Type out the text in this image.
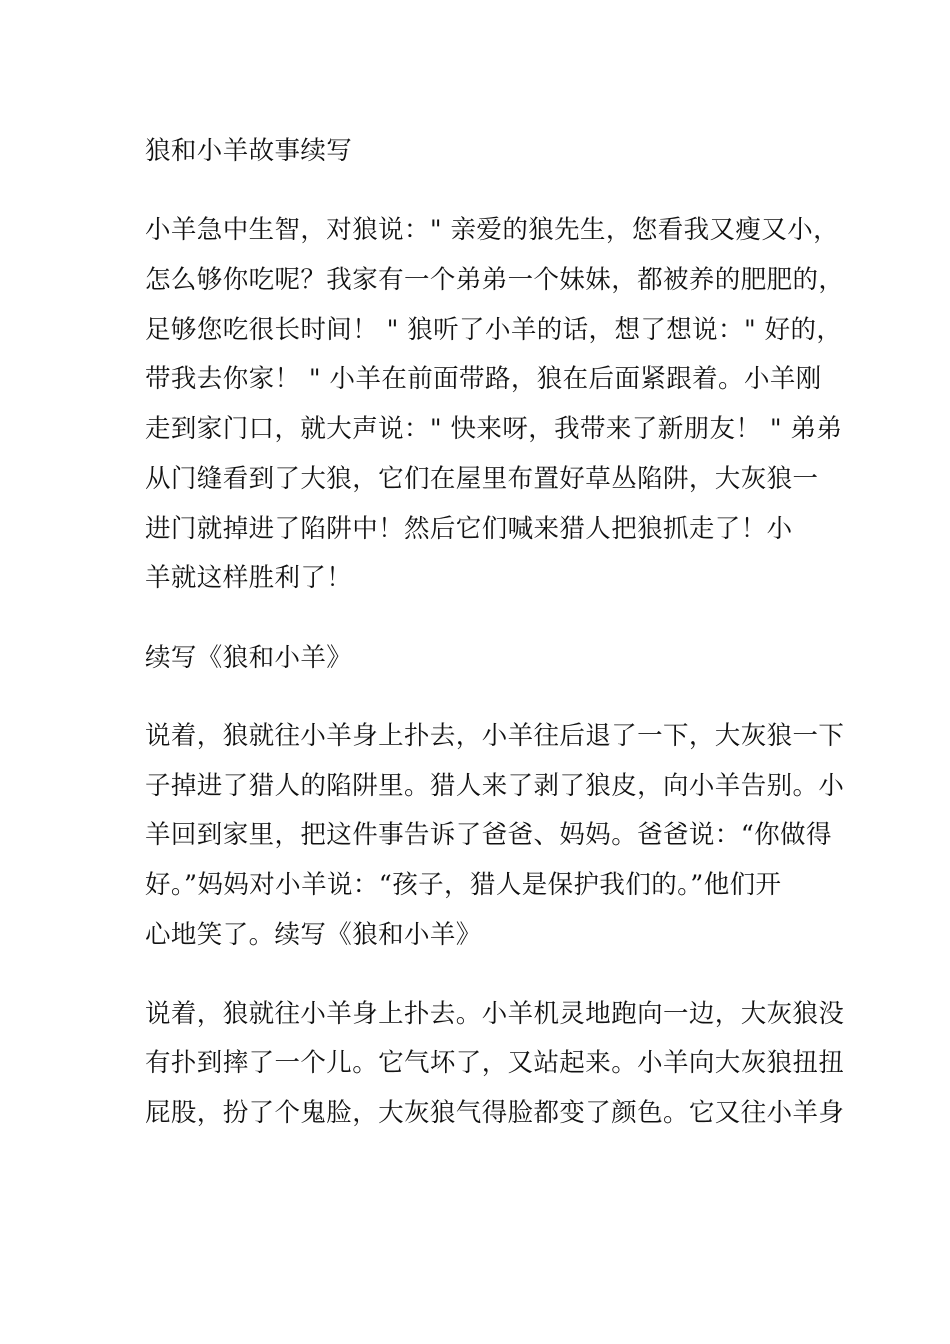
狼和小羊故事续写
小羊急中生智，对狼说：" 亲爱的狼先生，您看我又瘦又小，
怎么够你吃呢？我家有一个弟弟一个妹妹，都被养的肥肥的，
足够您吃很长时间！ " 狼听了小羊的话，想了想说：" 好的，
带我去你家！ " 小羊在前面带路，狼在后面紧跟着。小羊刚
走到家门口，就大声说：" 快来呀，我带来了新朋友！ " 弟弟
从门缝看到了大狼，它们在屋里布置好草丛陷阱，大灰狼一
进门就掉进了陷阱中！然后它们喊来猎人把狼抓走了！小
羊就这样胜利了！
续写《狼和小羊》
说着，狼就往小羊身上扑去，小羊往后退了一下，大灰狼一下
子掉进了猎人的陷阱里。猎人来了剥了狼皮，向小羊告别。小
羊回到家里，把这件事告诉了爸爸、妈妈。爸爸说：“你做得
好。”妈妈对小羊说：“孩子，猎人是保护我们的。”他们开
心地笑了。续写《狼和小羊》
说着，狼就往小羊身上扑去。小羊机灵地跑向一边，大灰狼没
有扑到摔了一个儿。它气坏了，又站起来。小羊向大灰狼扭扭
屁股，扮了个鬼脸，大灰狼气得脸都变了颜色。它又往小羊身
